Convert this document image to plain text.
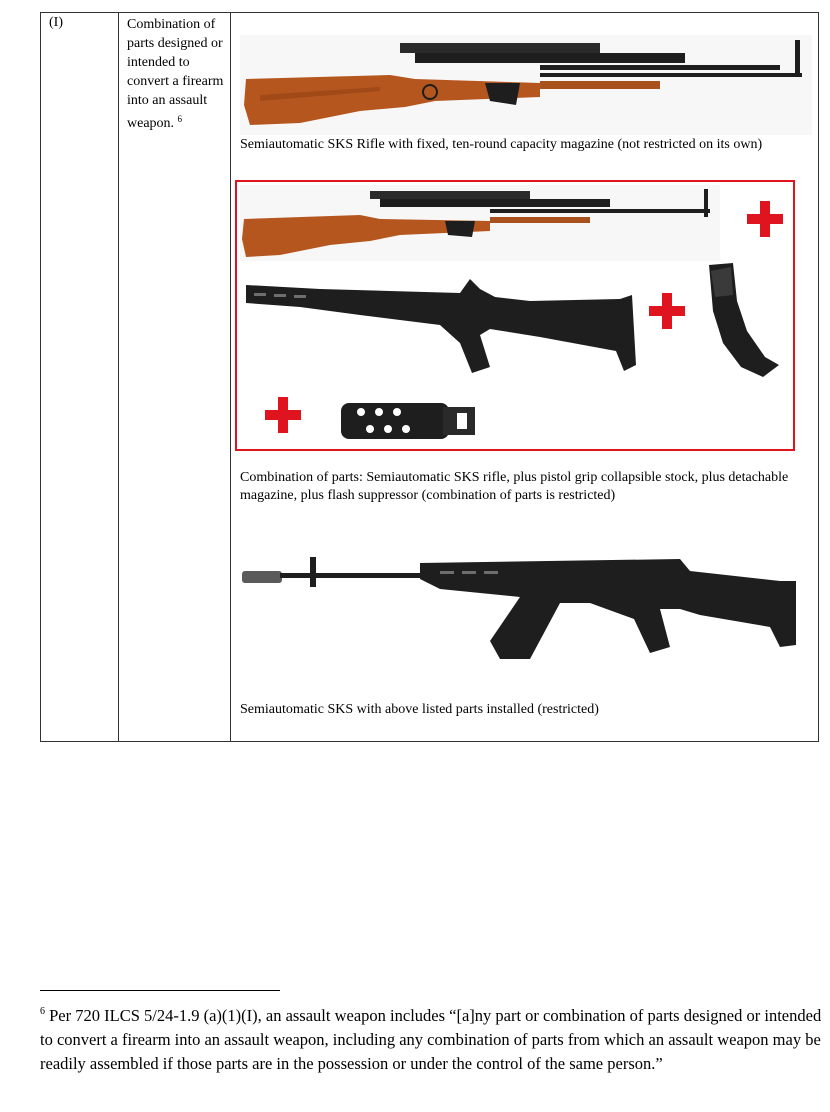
(I)	Combination of parts designed or intended to convert a firearm into an assault weapon. $^6$
Semiautomatic SKS Rifle with fixed, ten-round capacity magazine (not restricted on its own)
Combination of parts: Semiautomatic SKS rifle, plus pistol grip collapsible stock, plus detachable magazine, plus flash suppressor (combination of parts is restricted)
Semiautomatic SKS with above listed parts installed (restricted)
$^6$ Per 720 ILCS 5/24-1.9 (a)(1)(I), an assault weapon includes “[a]ny part or combination of parts designed or intended to convert a firearm into an assault weapon, including any combination of parts from which an assault weapon may be readily assembled if those parts are in the possession or under the control of the same person.”
